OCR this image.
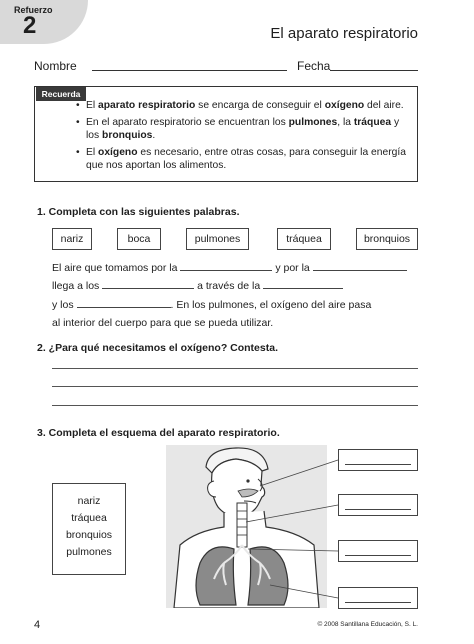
Refuerzo
2	El aparato respiratorio
Nombre	Fecha
Recuerda
• El aparato respiratorio se encarga de conseguir el oxígeno del aire.
• En el aparato respiratorio se encuentran los pulmones, la tráquea y los bronquios.
• El oxígeno es necesario, entre otras cosas, para conseguir la energía que nos aportan los alimentos.
1. Completa con las siguientes palabras.
nariz	boca	pulmones	tráquea	bronquios
El aire que tomamos por la	y por la
llega a los	a través de la
y los	. En los pulmones, el oxígeno del aire pasa
al interior del cuerpo para que se pueda utilizar.
2. ¿Para qué necesitamos el oxígeno? Contesta.
3. Completa el esquema del aparato respiratorio.
nariz
tráquea
bronquios
pulmones
4	© 2008 Santillana Educación, S. L.
